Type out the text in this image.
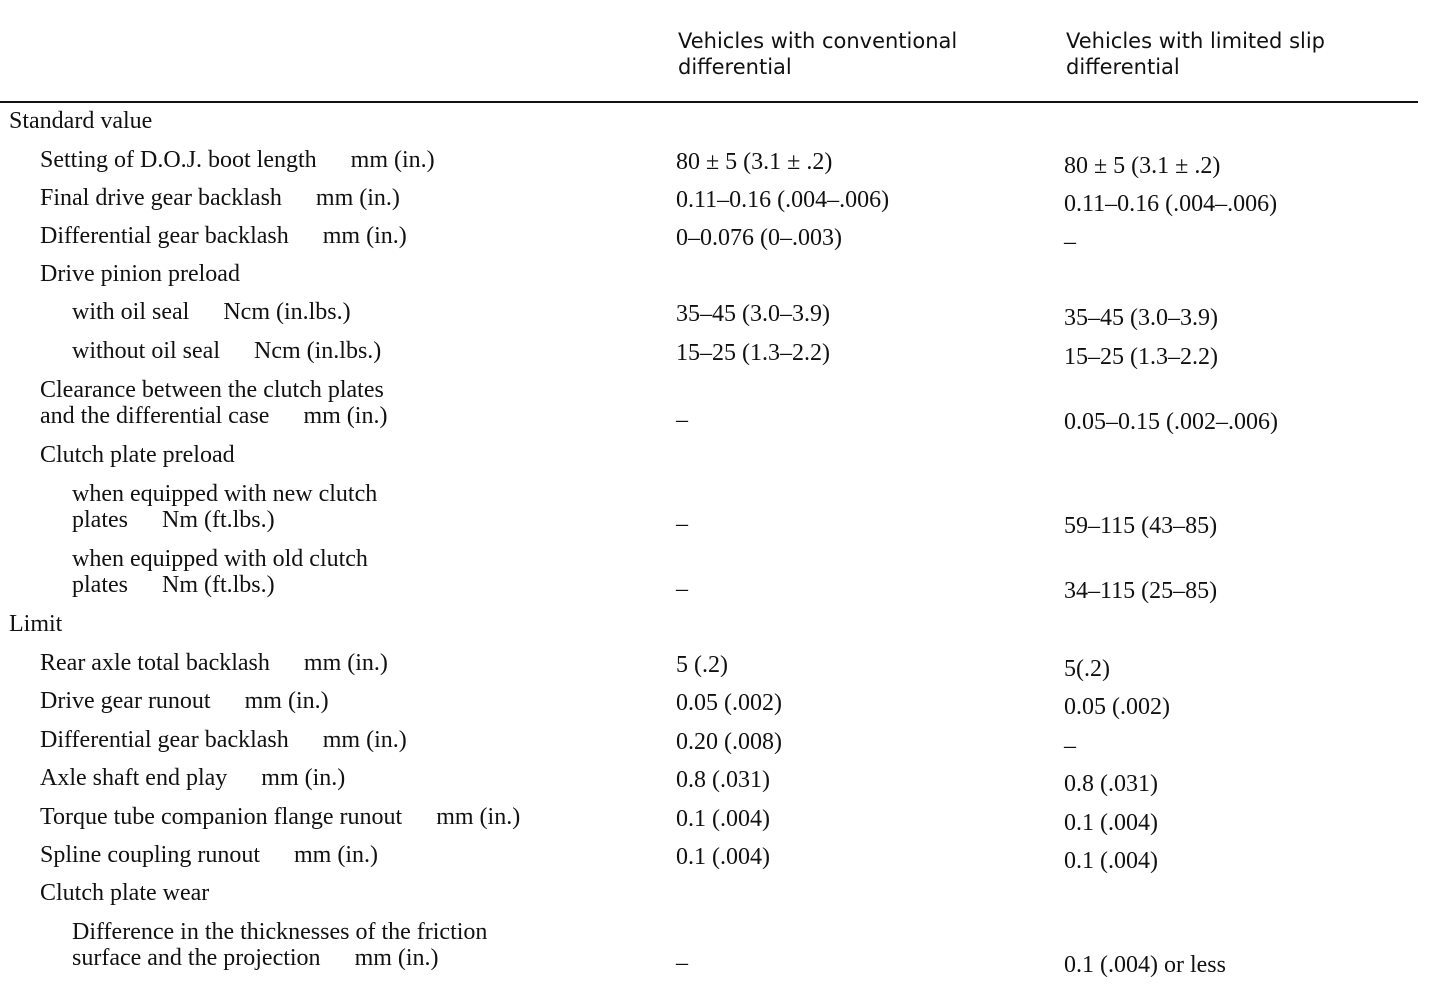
Vehicles with conventional
differential
Vehicles with limited slip
differential
Standard value
Setting of D.O.J. boot length mm (in.)	80 ± 5 (3.1 ± .2)	80 ± 5 (3.1 ± .2)
Final drive gear backlash mm (in.)	0.11–0.16 (.004–.006)	0.11–0.16 (.004–.006)
Differential gear backlash mm (in.)	0–0.076 (0–.003)	–
Drive pinion preload
with oil seal Ncm (in.lbs.)	35–45 (3.0–3.9)	35–45 (3.0–3.9)
without oil seal Ncm (in.lbs.)	15–25 (1.3–2.2)	15–25 (1.3–2.2)
Clearance between the clutch plates
and the differential case mm (in.)	–	0.05–0.15 (.002–.006)
Clutch plate preload
when equipped with new clutch
plates Nm (ft.lbs.)	–	59–115 (43–85)
when equipped with old clutch
plates Nm (ft.lbs.)	–	34–115 (25–85)
Limit
Rear axle total backlash mm (in.)	5 (.2)	5(.2)
Drive gear runout mm (in.)	0.05 (.002)	0.05 (.002)
Differential gear backlash mm (in.)	0.20 (.008)	–
Axle shaft end play mm (in.)	0.8 (.031)	0.8 (.031)
Torque tube companion flange runout mm (in.)	0.1 (.004)	0.1 (.004)
Spline coupling runout mm (in.)	0.1 (.004)	0.1 (.004)
Clutch plate wear
Difference in the thicknesses of the friction
surface and the projection mm (in.)	–	0.1 (.004) or less
